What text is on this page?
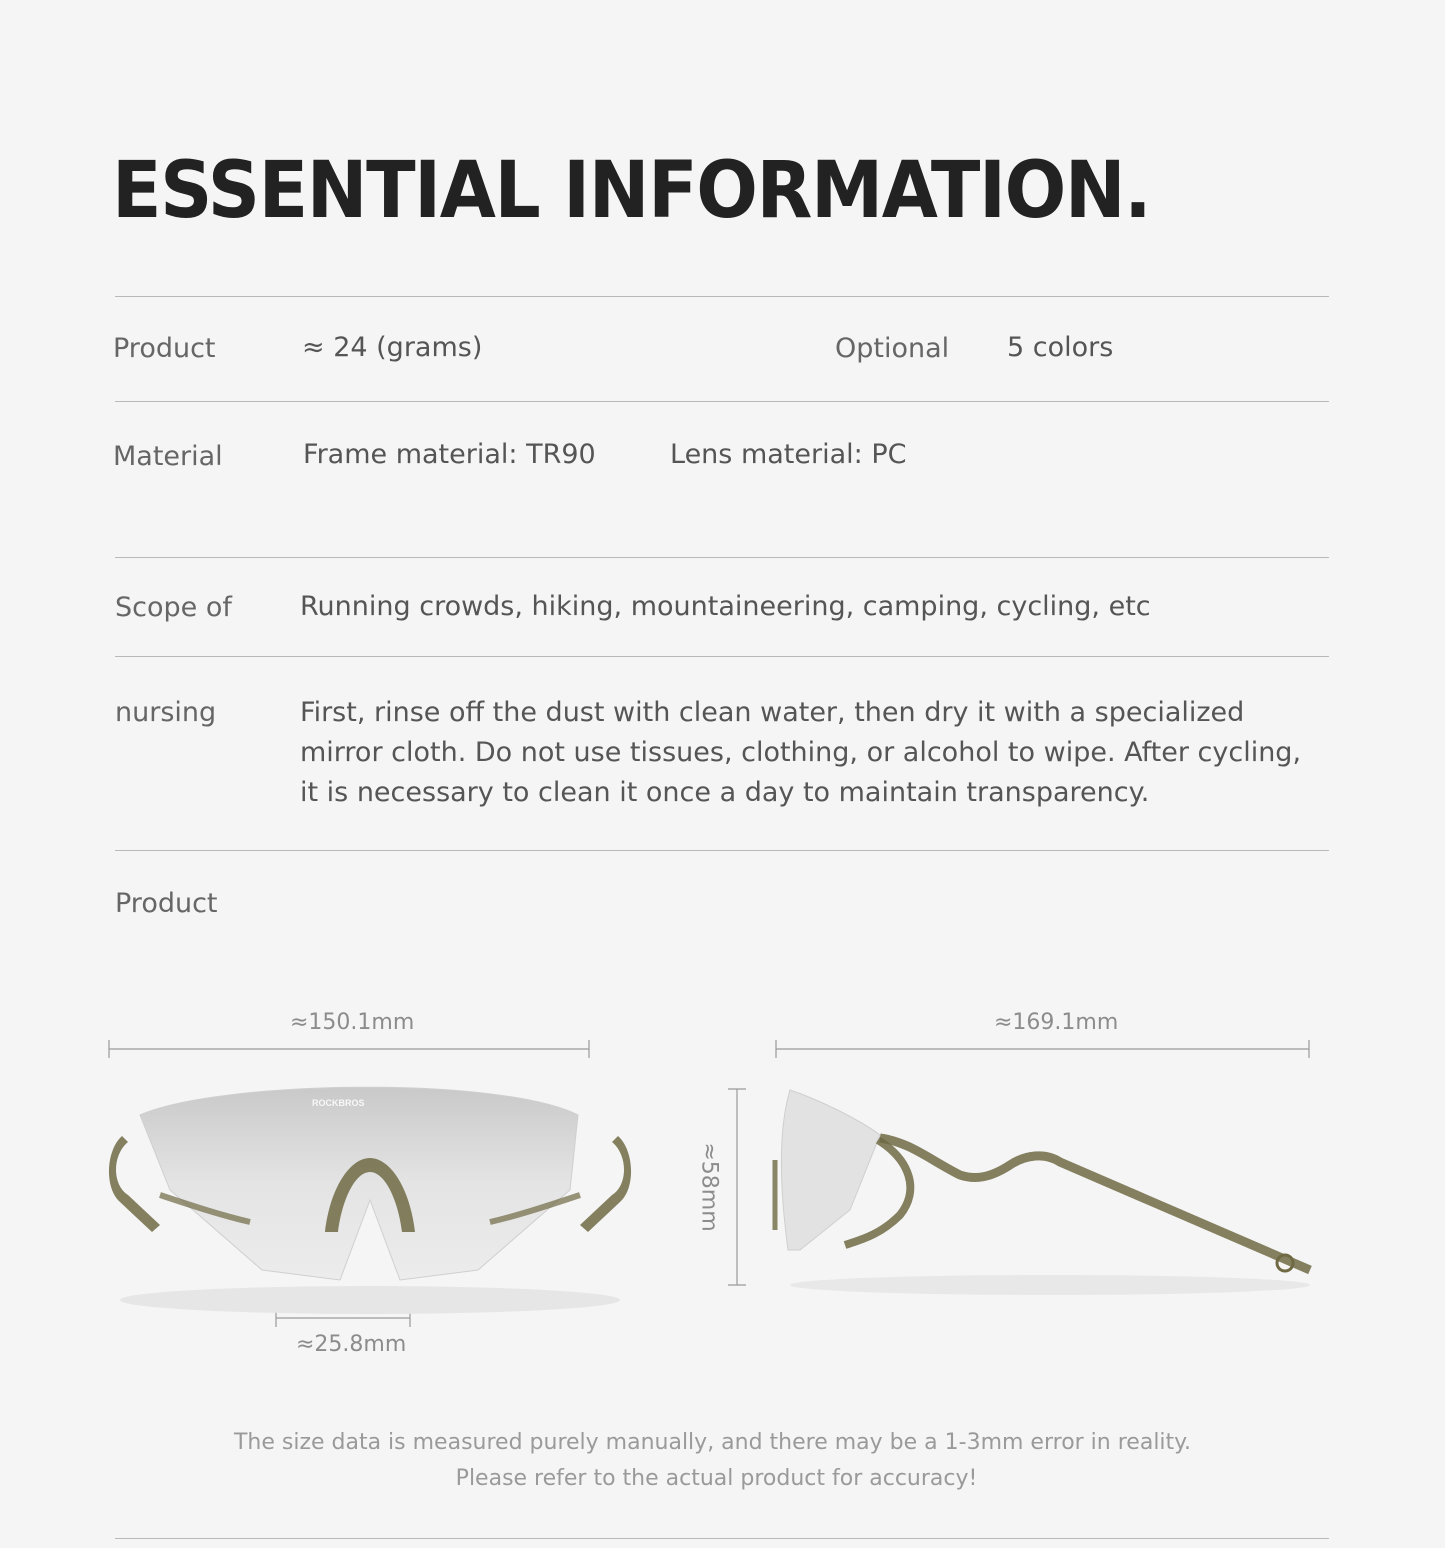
ESSENTIAL INFORMATION.
Product	≈ 24 (grams)	Optional 5 colors
Material	Frame material: TR90	Lens material: PC
Scope of	Running crowds, hiking, mountaineering, camping, cycling, etc
nursing	First, rinse off the dust with clean water, then dry it with a specialized mirror cloth. Do not use tissues, clothing, or alcohol to wipe. After cycling, it is necessary to clean it once a day to maintain transparency.
Product
≈150.1mm	≈169.1mm
≈25.8mm
≈58mm
ROCKBROS
The size data is measured purely manually, and there may be a 1-3mm error in reality.
Please refer to the actual product for accuracy!
